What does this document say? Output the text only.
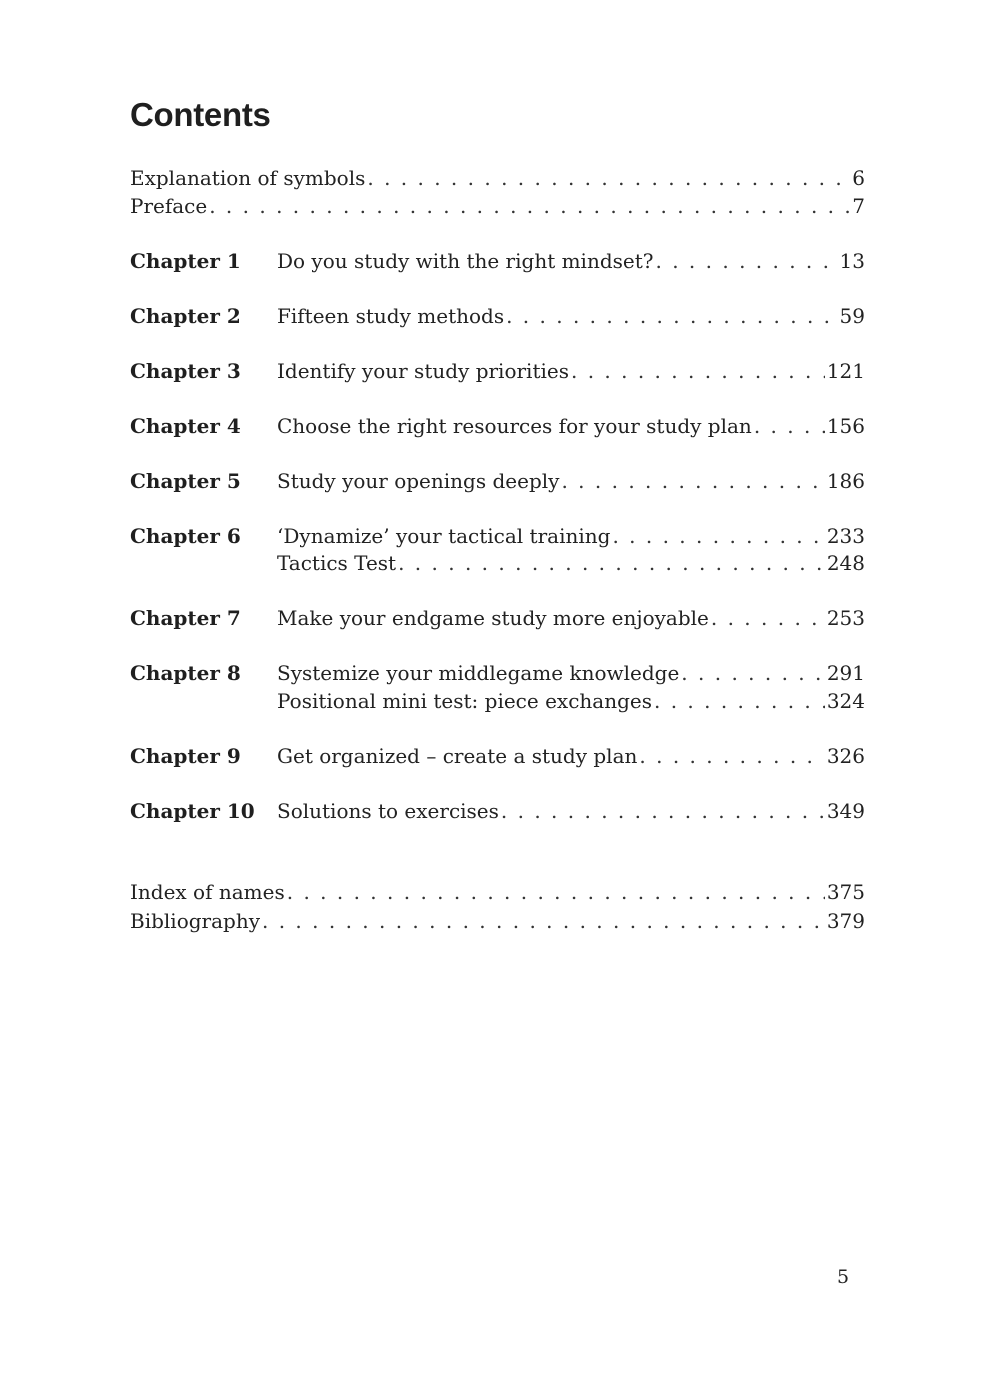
Contents
Explanation of symbols . . .	6
Preface . . .	7
Chapter 1 Do you study with the right mindset? . . .	13
Chapter 2 Fifteen study methods . . .	59
Chapter 3 Identify your study priorities . . .	121
Chapter 4 Choose the right resources for your study plan . . .	156
Chapter 5 Study your openings deeply . . .	186
Chapter 6 ‘Dynamize’ your tactical training . . .	233
Tactics Test . . .	248
Chapter 7 Make your endgame study more enjoyable . . .	253
Chapter 8 Systemize your middlegame knowledge . . .	291
Positional mini test: piece exchanges . . .	324
Chapter 9 Get organized – create a study plan . . .	326
Chapter 10 Solutions to exercises . . .	349
Index of names . . .	375
Bibliography . . .	379
5
